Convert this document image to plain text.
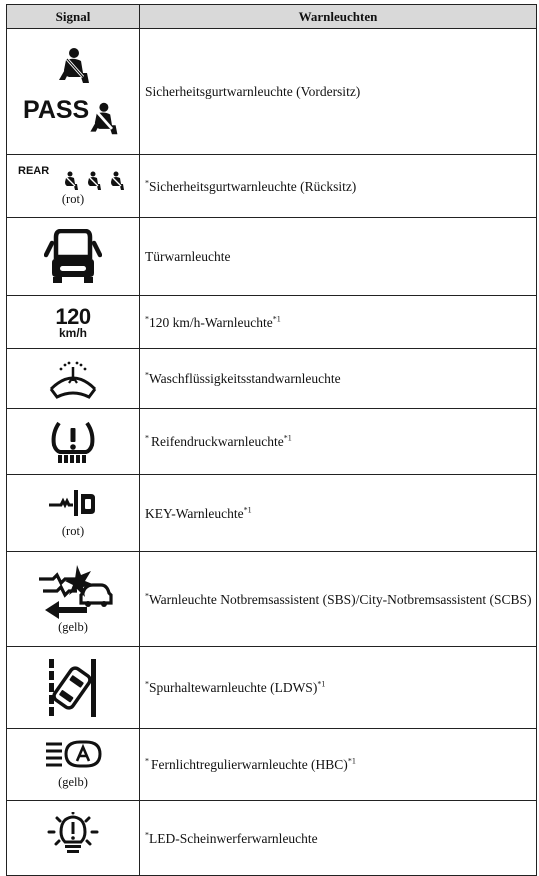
Signal	Warnleuchten

PASS	Sicherheitsgurtwarnleuchte (Vordersitz)

REAR
(rot)	*Sicherheitsgurtwarnleuchte (Rücksitz)

	Türwarnleuchte

120
km/h	*120 km/h-Warnleuchte$^{*1}$

	*Waschflüssigkeitsstandwarnleuchte

	* Reifendruckwarnleuchte$^{*1}$

(rot)	KEY-Warnleuchte$^{*1}$

(gelb)	*Warnleuchte Notbremsassistent (SBS)/City-Notbremsassistent (SCBS)

	*Spurhaltewarnleuchte (LDWS)$^{*1}$

(gelb)	* Fernlichtregulierwarnleuchte (HBC)$^{*1}$

	*LED-Scheinwerferwarnleuchte
